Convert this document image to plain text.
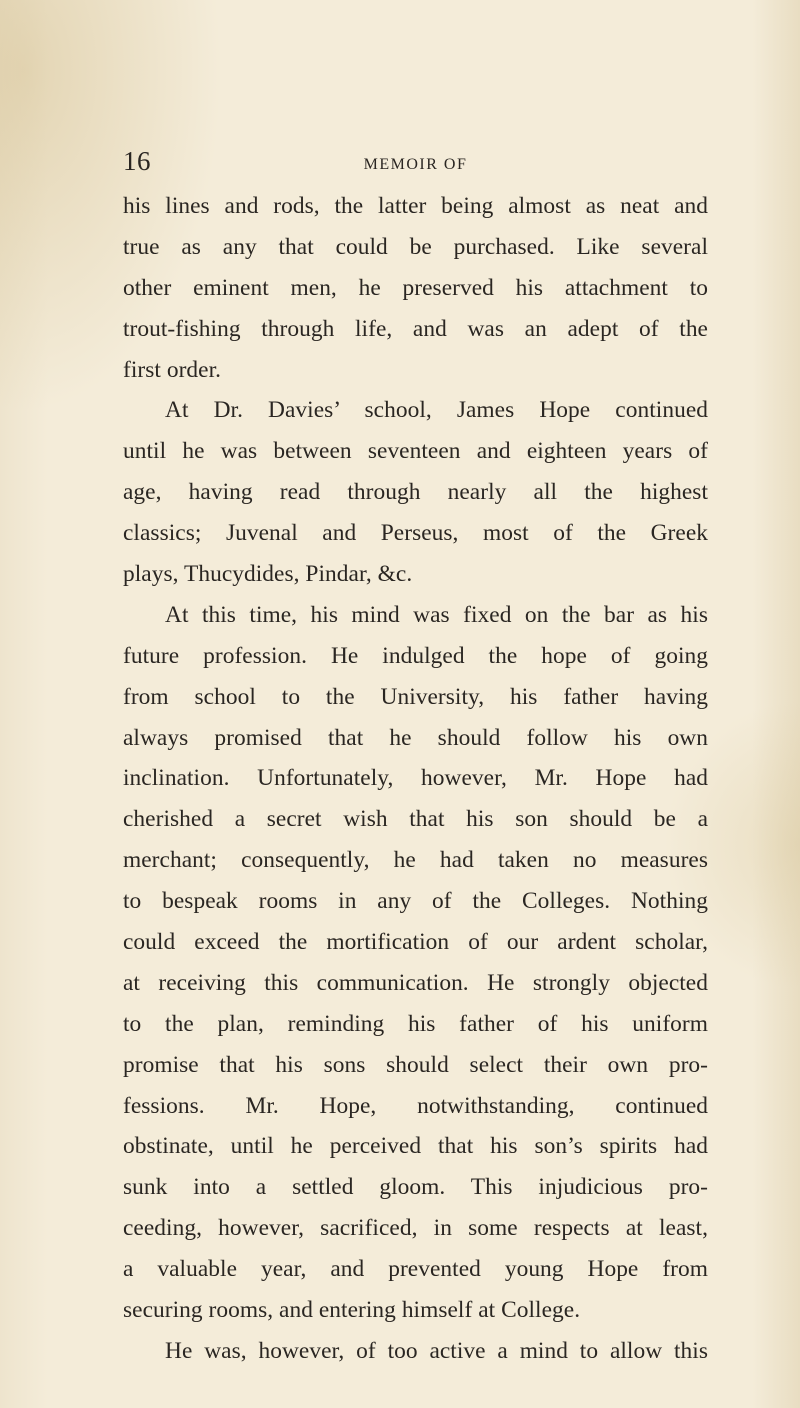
16	MEMOIR OF
his lines and rods, the latter being almost as neat and
true as any that could be purchased. Like several
other eminent men, he preserved his attachment to
trout-fishing through life, and was an adept of the
first order.
At Dr. Davies’ school, James Hope continued
until he was between seventeen and eighteen years of
age, having read through nearly all the highest
classics; Juvenal and Perseus, most of the Greek
plays, Thucydides, Pindar, &c.
At this time, his mind was fixed on the bar as his
future profession. He indulged the hope of going
from school to the University, his father having
always promised that he should follow his own
inclination. Unfortunately, however, Mr. Hope had
cherished a secret wish that his son should be a
merchant; consequently, he had taken no measures
to bespeak rooms in any of the Colleges. Nothing
could exceed the mortification of our ardent scholar,
at receiving this communication. He strongly objected
to the plan, reminding his father of his uniform
promise that his sons should select their own pro-
fessions. Mr. Hope, notwithstanding, continued
obstinate, until he perceived that his son’s spirits had
sunk into a settled gloom. This injudicious pro-
ceeding, however, sacrificed, in some respects at least,
a valuable year, and prevented young Hope from
securing rooms, and entering himself at College.
He was, however, of too active a mind to allow this
